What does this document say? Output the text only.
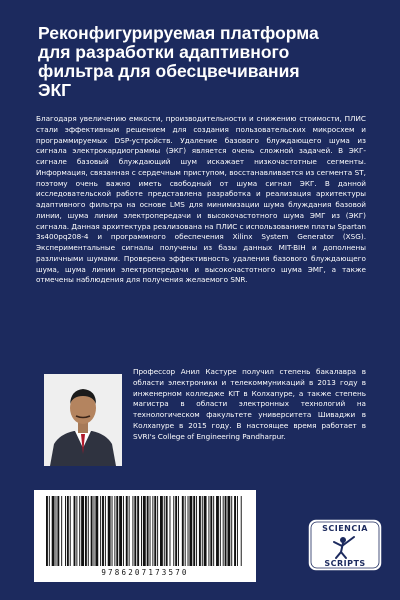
Реконфигурируемая платформа
для разработки адаптивного
фильтра для обесцвечивания
ЭКГ

Благодаря увеличению емкости, производительности и снижению стоимости, ПЛИС стали эффективным решением для создания пользовательских микросхем и программируемых DSP-устройств. Удаление базового блуждающего шума из сигнала электрокардиограммы (ЭКГ) является очень сложной задачей. В ЭКГ-сигнале базовый блуждающий шум искажает низкочастотные сегменты. Информация, связанная с сердечным приступом, восстанавливается из сегмента ST, поэтому очень важно иметь свободный от шума сигнал ЭКГ. В данной исследовательской работе представлена разработка и реализация архитектуры адаптивного фильтра на основе LMS для минимизации шума блуждания базовой линии, шума линии электропередачи и высокочастотного шума ЭМГ из (ЭКГ) сигнала. Данная архитектура реализована на ПЛИС с использованием платы Spartan 3s400pq208-4 и программного обеспечения Xilinx System Generator (XSG). Экспериментальные сигналы получены из базы данных MIT-BIH и дополнены различными шумами. Проверена эффективность удаления базового блуждающего шума, шума линии электропередачи и высокочастотного шума ЭМГ, а также отмечены наблюдения для получения желаемого SNR.

Профессор Анил Кастуре получил степень бакалавра в области электроники и телекоммуникаций в 2013 году в инженерном колледже KIT в Колхапуре, а также степень магистра в области электронных технологий на технологическом факультете университета Шиваджи в Колхапуре в 2015 году. В настоящее время работает в SVRI's College of Engineering Pandharpur.

9786207173570
SCIENCIA
SCRIPTS
